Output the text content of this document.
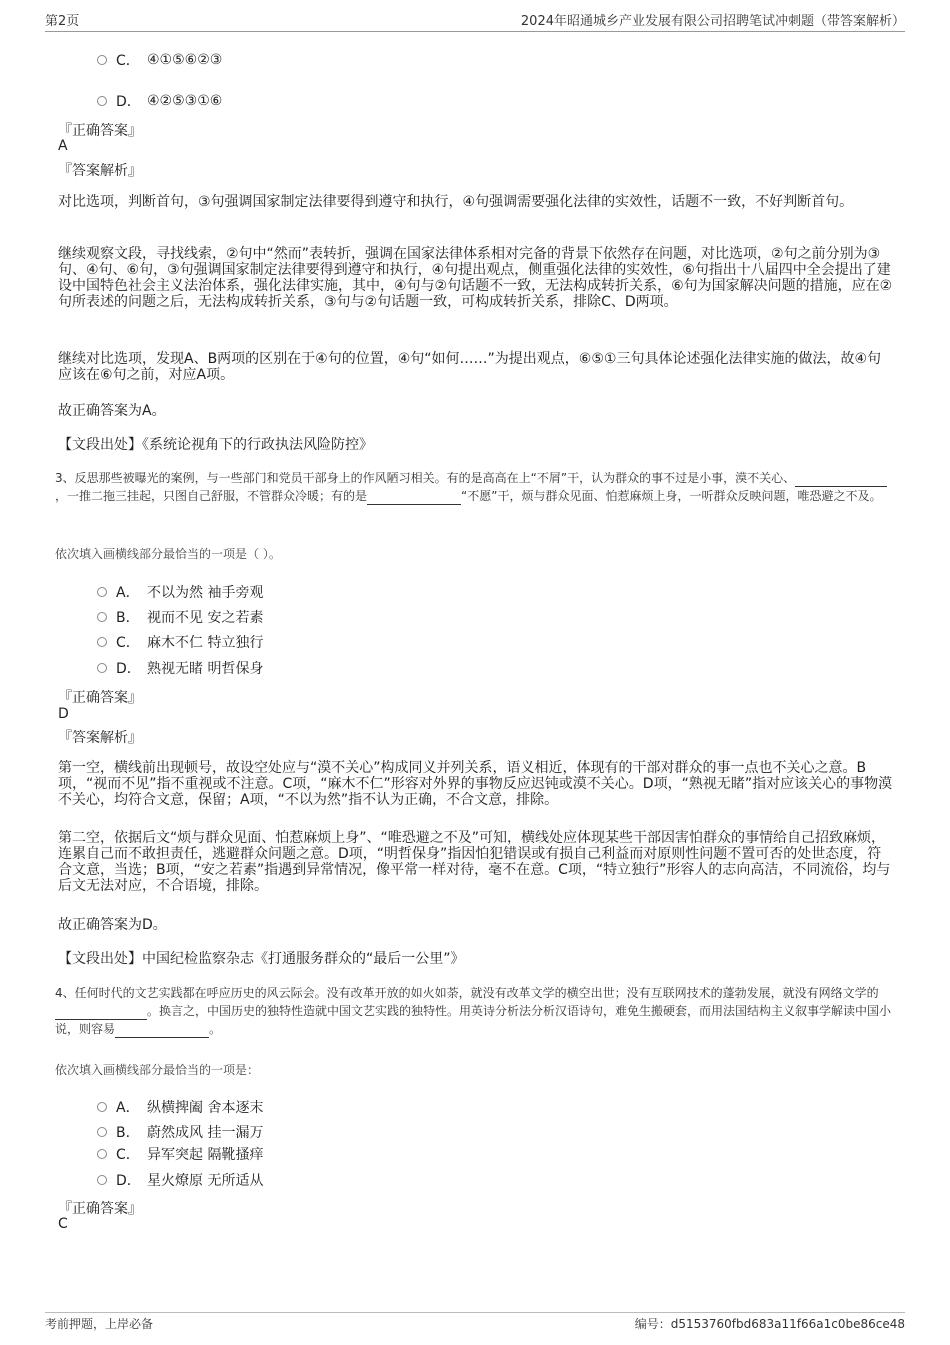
第2页	2024年昭通城乡产业发展有限公司招聘笔试冲刺题（带答案解析）
C． ④①⑤⑥②③
D． ④②⑤③①⑥
『正确答案』
A
『答案解析』
对比选项，判断首句，③句强调国家制定法律要得到遵守和执行，④句强调需要强化法律的实效性，话题不一致，不好判断首句。
继续观察文段，寻找线索，②句中“然而”表转折，强调在国家法律体系相对完备的背景下依然存在问题，对比选项，②句之前分别为③句、④句、⑥句，③句强调国家制定法律要得到遵守和执行，④句提出观点，侧重强化法律的实效性，⑥句指出十八届四中全会提出了建设中国特色社会主义法治体系，强化法律实施，其中，④句与②句话题不一致，无法构成转折关系，⑥句为国家解决问题的措施，应在②句所表述的问题之后，无法构成转折关系，③句与②句话题一致，可构成转折关系，排除C、D两项。
继续对比选项，发现A、B两项的区别在于④句的位置，④句“如何……”为提出观点，⑥⑤①三句具体论述强化法律实施的做法，故④句应该在⑥句之前，对应A项。
故正确答案为A。
【文段出处】《系统论视角下的行政执法风险防控》
3、反思那些被曝光的案例，与一些部门和党员干部身上的作风陋习相关。有的是高高在上“不屑”干，认为群众的事不过是小事，漠不关心、，一推二拖三挂起，只图自己舒服，不管群众冷暖；有的是	“不愿”干，烦与群众见面、怕惹麻烦上身，一听群众反映问题，唯恐避之不及。
依次填入画横线部分最恰当的一项是（ ）。
A． 不以为然 袖手旁观
B． 视而不见 安之若素
C． 麻木不仁 特立独行
D． 熟视无睹 明哲保身
『正确答案』
D
『答案解析』
第一空，横线前出现顿号，故设空处应与“漠不关心”构成同义并列关系，语义相近，体现有的干部对群众的事一点也不关心之意。B项，“视而不见”指不重视或不注意。C项，“麻木不仁”形容对外界的事物反应迟钝或漠不关心。D项，“熟视无睹”指对应该关心的事物漠不关心，均符合文意，保留；A项，“不以为然”指不认为正确，不合文意，排除。
第二空，依据后文“烦与群众见面、怕惹麻烦上身”、“唯恐避之不及”可知，横线处应体现某些干部因害怕群众的事情给自己招致麻烦，连累自己而不敢担责任，逃避群众问题之意。D项，“明哲保身”指因怕犯错误或有损自己利益而对原则性问题不置可否的处世态度，符合文意，当选；B项，“安之若素”指遇到异常情况，像平常一样对待，毫不在意。C项，“特立独行”形容人的志向高洁，不同流俗，均与后文无法对应，不合语境，排除。
故正确答案为D。
【文段出处】中国纪检监察杂志《打通服务群众的“最后一公里”》
4、任何时代的文艺实践都在呼应历史的风云际会。没有改革开放的如火如荼，就没有改革文学的横空出世；没有互联网技术的蓬勃发展，就没有网络文学的。换言之，中国历史的独特性造就中国文艺实践的独特性。用英诗分析法分析汉语诗句，难免生搬硬套，而用法国结构主义叙事学解读中国小说，则容易	。
依次填入画横线部分最恰当的一项是：
A． 纵横捭阖 舍本逐末
B． 蔚然成风 挂一漏万
C． 异军突起 隔靴搔痒
D． 星火燎原 无所适从
『正确答案』
C
考前押题，上岸必备	编号：d5153760fbd683a11f66a1c0be86ce48
